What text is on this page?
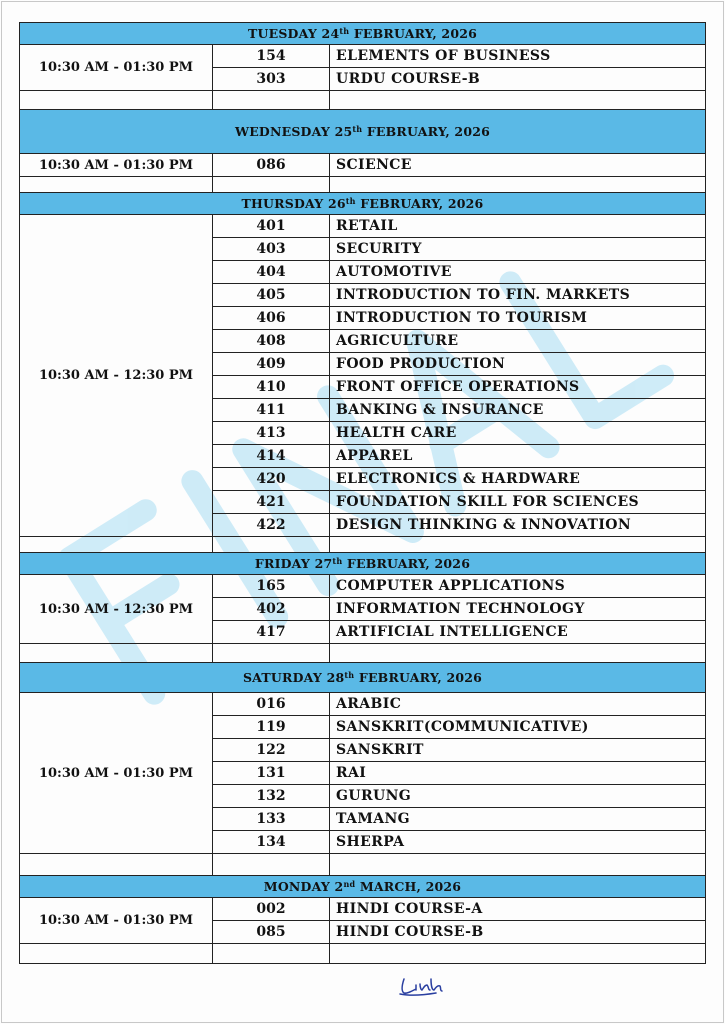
TUESDAY 24th FEBRUARY, 2026		
10:30 AM - 01:30 PM	154	ELEMENTS OF BUSINESS
	303	URDU COURSE-B

WEDNESDAY 25th FEBRUARY, 2026		
10:30 AM - 01:30 PM	086	SCIENCE

THURSDAY 26th FEBRUARY, 2026		
10:30 AM - 12:30 PM	401	RETAIL
	403	SECURITY
	404	AUTOMOTIVE
	405	INTRODUCTION TO FIN. MARKETS
	406	INTRODUCTION TO TOURISM
	408	AGRICULTURE
	409	FOOD PRODUCTION
	410	FRONT OFFICE OPERATIONS
	411	BANKING & INSURANCE
	413	HEALTH CARE
	414	APPAREL
	420	ELECTRONICS & HARDWARE
	421	FOUNDATION SKILL FOR SCIENCES
	422	DESIGN THINKING & INNOVATION

FRIDAY 27th FEBRUARY, 2026		
10:30 AM - 12:30 PM	165	COMPUTER APPLICATIONS
	402	INFORMATION TECHNOLOGY
	417	ARTIFICIAL INTELLIGENCE

SATURDAY 28th FEBRUARY, 2026		
10:30 AM - 01:30 PM	016	ARABIC
	119	SANSKRIT(COMMUNICATIVE)
	122	SANSKRIT
	131	RAI
	132	GURUNG
	133	TAMANG
	134	SHERPA

MONDAY 2nd MARCH, 2026		
10:30 AM - 01:30 PM	002	HINDI COURSE-A
	085	HINDI COURSE-B
